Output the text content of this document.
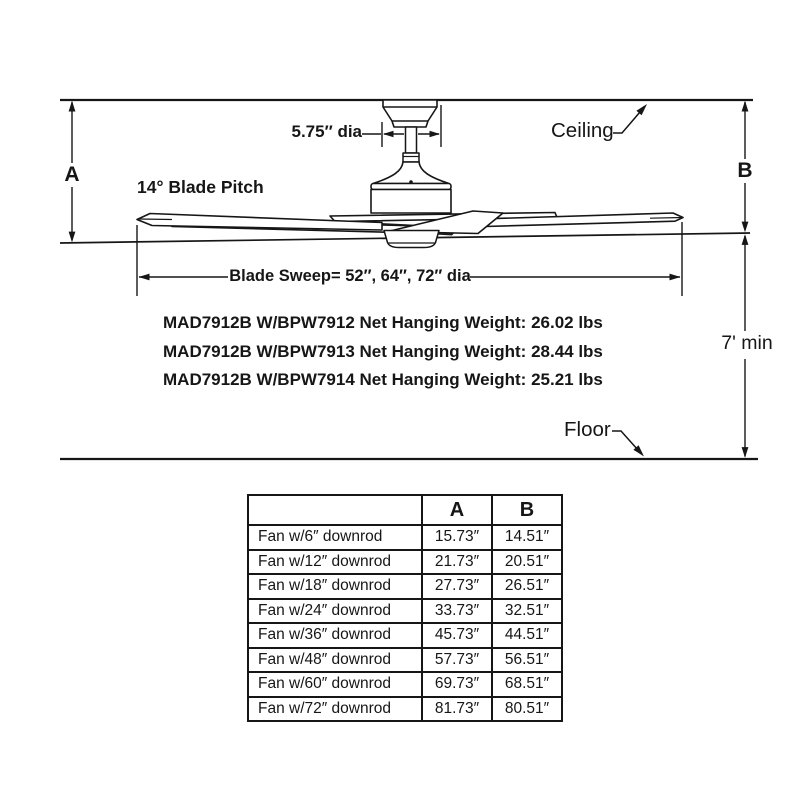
5.75″ dia
14° Blade Pitch
Ceiling
A	B
7' min
Floor
Blade Sweep= 52″, 64″, 72″ dia
MAD7912B W/BPW7912 Net Hanging Weight: 26.02 lbs
MAD7912B W/BPW7913 Net Hanging Weight: 28.44 lbs
MAD7912B W/BPW7914 Net Hanging Weight: 25.21 lbs
	A	B
Fan w/6″ downrod	15.73″	14.51″
Fan w/12″ downrod	21.73″	20.51″
Fan w/18″ downrod	27.73″	26.51″
Fan w/24″ downrod	33.73″	32.51″
Fan w/36″ downrod	45.73″	44.51″
Fan w/48″ downrod	57.73″	56.51″
Fan w/60″ downrod	69.73″	68.51″
Fan w/72″ downrod	81.73″	80.51″
